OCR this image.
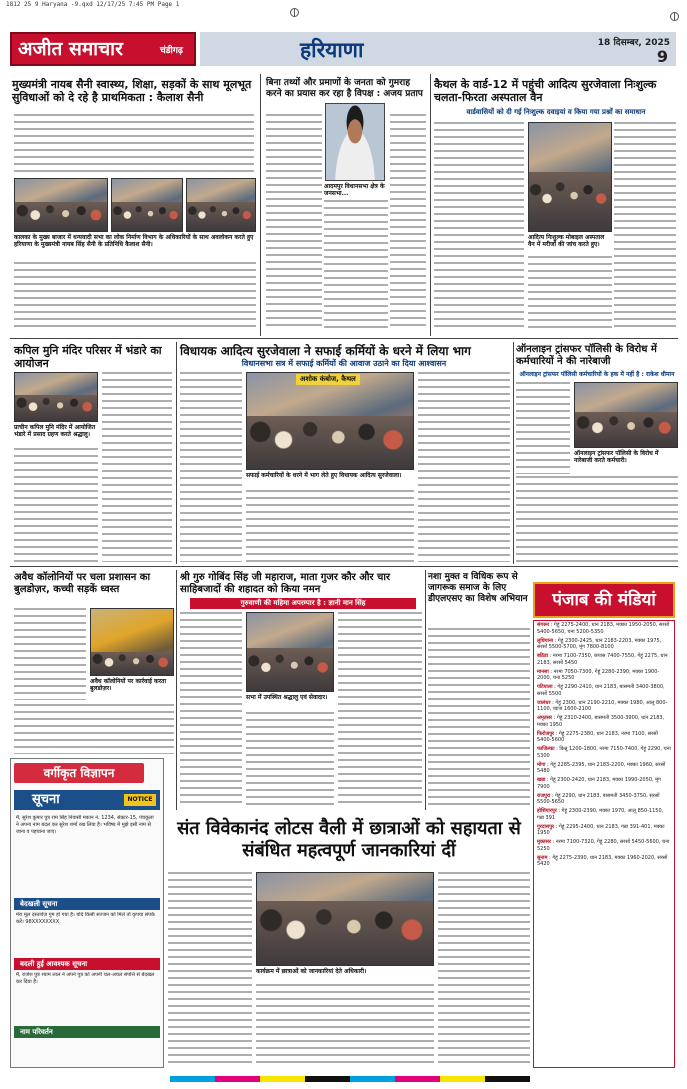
1812 25 9 Haryana -9.qxd 12/17/25 7:45 PM Page 1
अजीत समाचार	चंडीगढ़	हरियाणा	18 दिसम्बर, 2025
9
मुख्यमंत्री नायब सैनी स्वास्थ्य, शिक्षा, सड़कों के साथ मूलभूत सुविधाओं को दे रहे है प्राथमिकता : कैलाश सैनी
कालका के मुख्य बाजार में धन्यवादी सभा का लोक निर्माण विभाग के अधिकारियों के साथ अवलोकन करते हुए हरियाणा के मुख्यमंत्री नायब सिंह सैनी के प्रतिनिधि कैलाश सैनी।
बिना तथ्यों और प्रमाणों के जनता को गुमराह करने का प्रयास कर रहा है विपक्ष : अजय प्रताप
आदमपुर विधानसभा क्षेत्र के जनसभा...
कैथल के वार्ड-12 में पहुंची आदित्य सुरजेवाला निःशुल्क चलता-फिरता अस्पताल वैन
वार्डवासियों को दी गई निःशुल्क दवाइयां व किया गया प्रश्नों का समाधान
आदित्य निःशुल्क मोबाइल अस्पताल वैन में मरीजों की जांच करते हुए।
कपिल मुनि मंदिर परिसर में भंडारे का आयोजन
प्राचीन कपिल मुनि मंदिर में आयोजित भंडारे में प्रसाद ग्रहण करते श्रद्धालु।
विधायक आदित्य सुरजेवाला ने सफाई कर्मियों के धरने में लिया भाग
विधानसभा सत्र में सफाई कर्मियों की आवाज उठाने का दिया आश्वासन
अशोक कंबोज, कैथल
सफाई कर्मचारियों के धरने में भाग लेते हुए विधायक आदित्य सुरजेवाला।
ऑनलाइन ट्रांसफर पॉलिसी के विरोध में कर्मचारियों ने की नारेबाजी
ऑनलाइन ट्रांसफर पॉलिसी कर्मचारियों के हक में नहीं है : राकेश धीमान
ऑनलाइन ट्रांसफर पॉलिसी के विरोध में नारेबाजी करते कर्मचारी।
अवैध कॉलोनियों पर चला प्रशासन का बुलडोज़र, कच्ची सड़कें ध्वस्त
अवैध कॉलोनियों पर कार्रवाई करता बुलडोज़र।
श्री गुरु गोबिंद सिंह जी महाराज, माता गुजर कौर और चार साहिबजादों की शहादत को किया नमन
गुरुवाणी की महिमा अपरम्पार है : ज्ञानी मान सिंह
सभा में उपस्थित श्रद्धालु एवं सेवादार।
नशा मुक्त व विधिक रूप से जागरूक समाज के लिए डीएलएसए का विशेष अभियान	पंजाब की मंडियां
संगरूर : गेहूं 2275-2400, धान 2183, मक्का 1950-2050, सरसों 5400-5650, चना 5200-5350
लुधियाना : गेहूं 2300-2425, धान 2183-2203, मक्का 1975, सरसों 5500-5700, मूंग 7800-8100
बठिंडा : नरमा 7100-7350, कपास 7400-7550, गेहूं 2275, धान 2183, सरसों 5450
मानसा : नरमा 7050-7300, गेहूं 2280-2390, मक्का 1900-2000, चना 5250
पटियाला : गेहूं 2290-2410, धान 2183, बासमती 3400-3800, सरसों 5500
जालंधर : गेहूं 2300, धान 2190-2210, मक्का 1980, आलू 800-1100, प्याज 1600-2100
अमृतसर : गेहूं 2310-2400, बासमती 3500-3900, धान 2183, मक्का 1950
फिरोजपुर : गेहूं 2275-2380, धान 2183, नरमा 7100, सरसों 5400-5600
फाजिल्का : किन्नू 1200-1800, नरमा 7150-7400, गेहूं 2290, चना 5300
मोगा : गेहूं 2285-2395, धान 2183-2200, मक्का 1960, सरसों 5480
खन्ना : गेहूं 2300-2420, धान 2183, मक्का 1990-2050, मूंग 7900
राजपुरा : गेहूं 2290, धान 2183, बासमती 3450-3750, सरसों 5500-5650
होशियारपुर : गेहूं 2300-2390, मक्का 1970, आलू 850-1150, गन्ना 391
गुरदासपुर : गेहूं 2295-2400, धान 2183, गन्ना 391-401, मक्का 1950
मुक्तसर : नरमा 7100-7320, गेहूं 2280, सरसों 5450-5600, चना 5250
सुनाम : गेहूं 2275-2390, धान 2183, मक्का 1960-2020, सरसों 5420
वर्गीकृत विज्ञापन
सूचना	NOTICE
मैं, सुरेश कुमार पुत्र राम सिंह निवासी मकान नं. 1234, सेक्टर-15, पंचकूला ने अपना नाम बदल कर सुरेश शर्मा रख लिया है। भविष्य में मुझे इसी नाम से जाना व पहचाना जाए।
बेदखली सूचना
मेरा मूल दस्तावेज़ गुम हो गया है। यदि किसी सज्जन को मिले तो कृपया संपर्क करें। 98XXXXXXXX
बदली हुई आवश्यक सूचना
मैं, राजेश पुत्र श्याम लाल ने अपने पुत्र को अपनी चल-अचल संपत्ति से बेदखल कर दिया है।
नाम परिवर्तन
संत विवेकानंद लोटस वैली में छात्राओं को सहायता से संबंधित महत्वपूर्ण जानकारियां दीं
कार्यक्रम में छात्राओं को जानकारियां देते अधिकारी।
